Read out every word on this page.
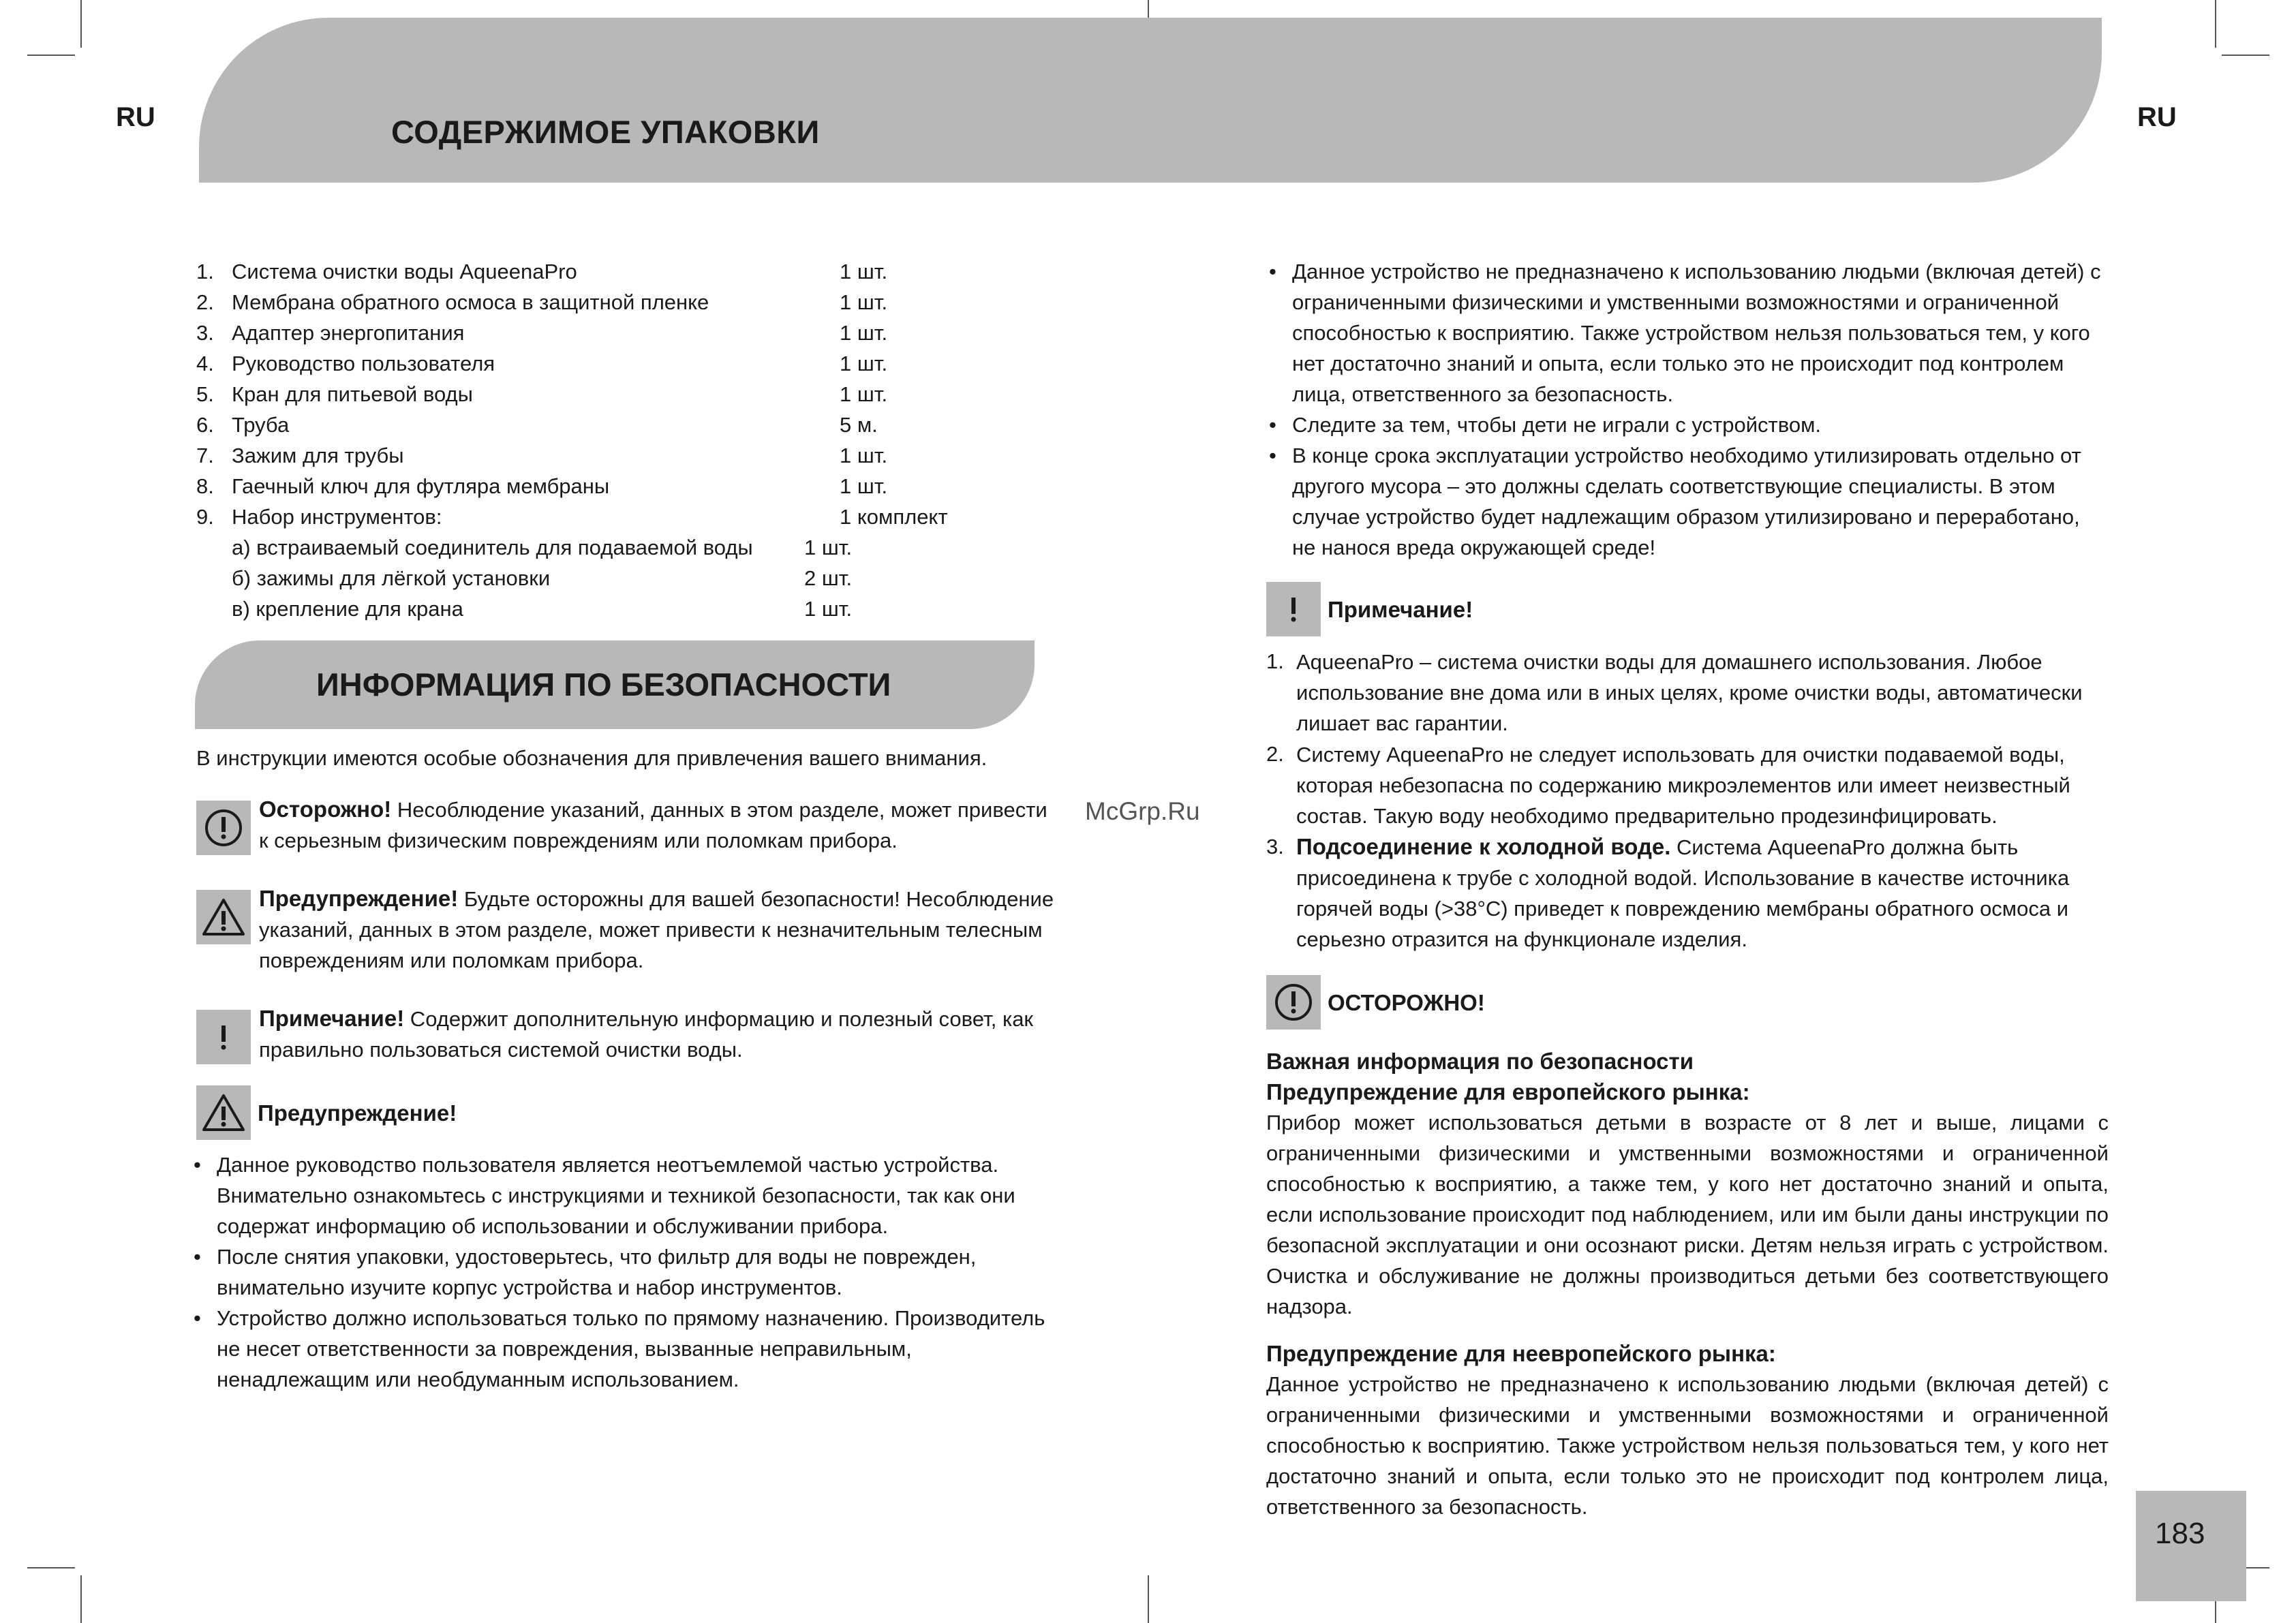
RU	RU
СОДЕРЖИМОЕ УПАКОВКИ
1. Система очистки воды AqueenaPro	1 шт.
2. Мембрана обратного осмоса в защитной пленке	1 шт.
3. Адаптер энергопитания	1 шт.
4. Руководство пользователя	1 шт.
5. Кран для питьевой воды	1 шт.
6. Труба	5 м.
7. Зажим для трубы	1 шт.
8. Гаечный ключ для футляра мембраны	1 шт.
9. Набор инструментов:	1 комплект
а) встраиваемый соединитель для подаваемой воды	1 шт.
б) зажимы для лёгкой установки	2 шт.
в) крепление для крана	1 шт.
ИНФОРМАЦИЯ ПО БЕЗОПАСНОСТИ
В инструкции имеются особые обозначения для привлечения вашего внимания.
Осторожно! Несоблюдение указаний, данных в этом разделе, может привести к серьезным физическим повреждениям или поломкам прибора.
Предупреждение! Будьте осторожны для вашей безопасности! Несоблюдение указаний, данных в этом разделе, может привести к незначительным телесным повреждениям или поломкам прибора.
Примечание! Содержит дополнительную информацию и полезный совет, как правильно пользоваться системой очистки воды.
Предупреждение!
• Данное руководство пользователя является неотъемлемой частью устройства. Внимательно ознакомьтесь с инструкциями и техникой безопасности, так как они содержат информацию об использовании и обслуживании прибора.
• После снятия упаковки, удостоверьтесь, что фильтр для воды не поврежден, внимательно изучите корпус устройства и набор инструментов.
• Устройство должно использоваться только по прямому назначению. Производитель не несет ответственности за повреждения, вызванные неправильным, ненадлежащим или необдуманным использованием.
McGrp.Ru
• Данное устройство не предназначено к использованию людьми (включая детей) с ограниченными физическими и умственными возможностями и ограниченной способностью к восприятию. Также устройством нельзя пользоваться тем, у кого нет достаточно знаний и опыта, если только это не происходит под контролем лица, ответственного за безопасность.
• Следите за тем, чтобы дети не играли с устройством.
• В конце срока эксплуатации устройство необходимо утилизировать отдельно от другого мусора – это должны сделать соответствующие специалисты. В этом случае устройство будет надлежащим образом утилизировано и переработано, не нанося вреда окружающей среде!
Примечание!
1. AqueenaPro – система очистки воды для домашнего использования. Любое использование вне дома или в иных целях, кроме очистки воды, автоматически лишает вас гарантии.
2. Систему AqueenaPro не следует использовать для очистки подаваемой воды, которая небезопасна по содержанию микроэлементов или имеет неизвестный состав. Такую воду необходимо предварительно продезинфицировать.
3. Подсоединение к холодной воде. Система AqueenaPro должна быть присоединена к трубе с холодной водой. Использование в качестве источника горячей воды (>38°C) приведет к повреждению мембраны обратного осмоса и серьезно отразится на функционале изделия.
ОСТОРОЖНО!
Важная информация по безопасности
Предупреждение для европейского рынка:
Прибор может использоваться детьми в возрасте от 8 лет и выше, лицами с ограниченными физическими и умственными возможностями и ограниченной способностью к восприятию, а также тем, у кого нет достаточно знаний и опыта, если использование происходит под наблюдением, или им были даны инструкции по безопасной эксплуатации и они осознают риски. Детям нельзя играть с устройством. Очистка и обслуживание не должны производиться детьми без соответствующего надзора.
Предупреждение для неевропейского рынка:
Данное устройство не предназначено к использованию людьми (включая детей) с ограниченными физическими и умственными возможностями и ограниченной способностью к восприятию. Также устройством нельзя пользоваться тем, у кого нет достаточно знаний и опыта, если только это не происходит под контролем лица, ответственного за безопасность.
183
